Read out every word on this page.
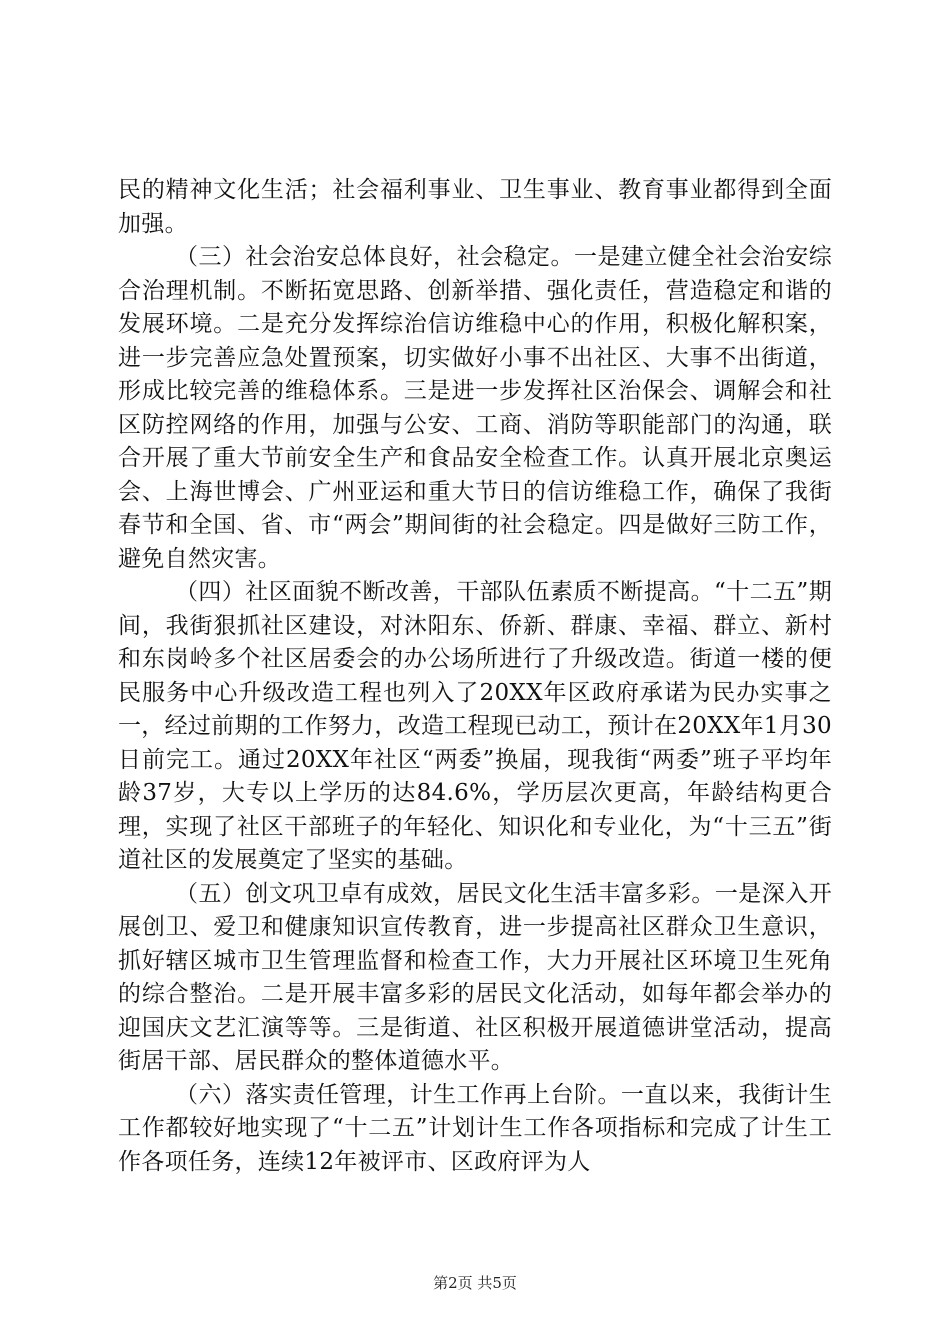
民的精神文化生活；社会福利事业、卫生事业、教育事业都得到全面加强。

（三）社会治安总体良好，社会稳定。一是建立健全社会治安综合治理机制。不断拓宽思路、创新举措、强化责任，营造稳定和谐的发展环境。二是充分发挥综治信访维稳中心的作用，积极化解积案，进一步完善应急处置预案，切实做好小事不出社区、大事不出街道，形成比较完善的维稳体系。三是进一步发挥社区治保会、调解会和社区防控网络的作用，加强与公安、工商、消防等职能部门的沟通，联合开展了重大节前安全生产和食品安全检查工作。认真开展北京奥运会、上海世博会、广州亚运和重大节日的信访维稳工作，确保了我街春节和全国、省、市“两会”期间街的社会稳定。四是做好三防工作，避免自然灾害。

（四）社区面貌不断改善，干部队伍素质不断提高。“十二五”期间，我街狠抓社区建设，对沐阳东、侨新、群康、幸福、群立、新村和东岗岭多个社区居委会的办公场所进行了升级改造。街道一楼的便民服务中心升级改造工程也列入了20XX年区政府承诺为民办实事之一，经过前期的工作努力，改造工程现已动工，预计在20XX年1月30日前完工。通过20XX年社区“两委”换届，现我街“两委”班子平均年龄37岁，大专以上学历的达84.6%，学历层次更高，年龄结构更合理，实现了社区干部班子的年轻化、知识化和专业化，为“十三五”街道社区的发展奠定了坚实的基础。

（五）创文巩卫卓有成效，居民文化生活丰富多彩。一是深入开展创卫、爱卫和健康知识宣传教育，进一步提高社区群众卫生意识，抓好辖区城市卫生管理监督和检查工作，大力开展社区环境卫生死角的综合整治。二是开展丰富多彩的居民文化活动，如每年都会举办的迎国庆文艺汇演等等。三是街道、社区积极开展道德讲堂活动，提高街居干部、居民群众的整体道德水平。

（六）落实责任管理，计生工作再上台阶。一直以来，我街计生工作都较好地实现了“十二五”计划计生工作各项指标和完成了计生工作各项任务，连续12年被评市、区政府评为人

第2页 共5页
